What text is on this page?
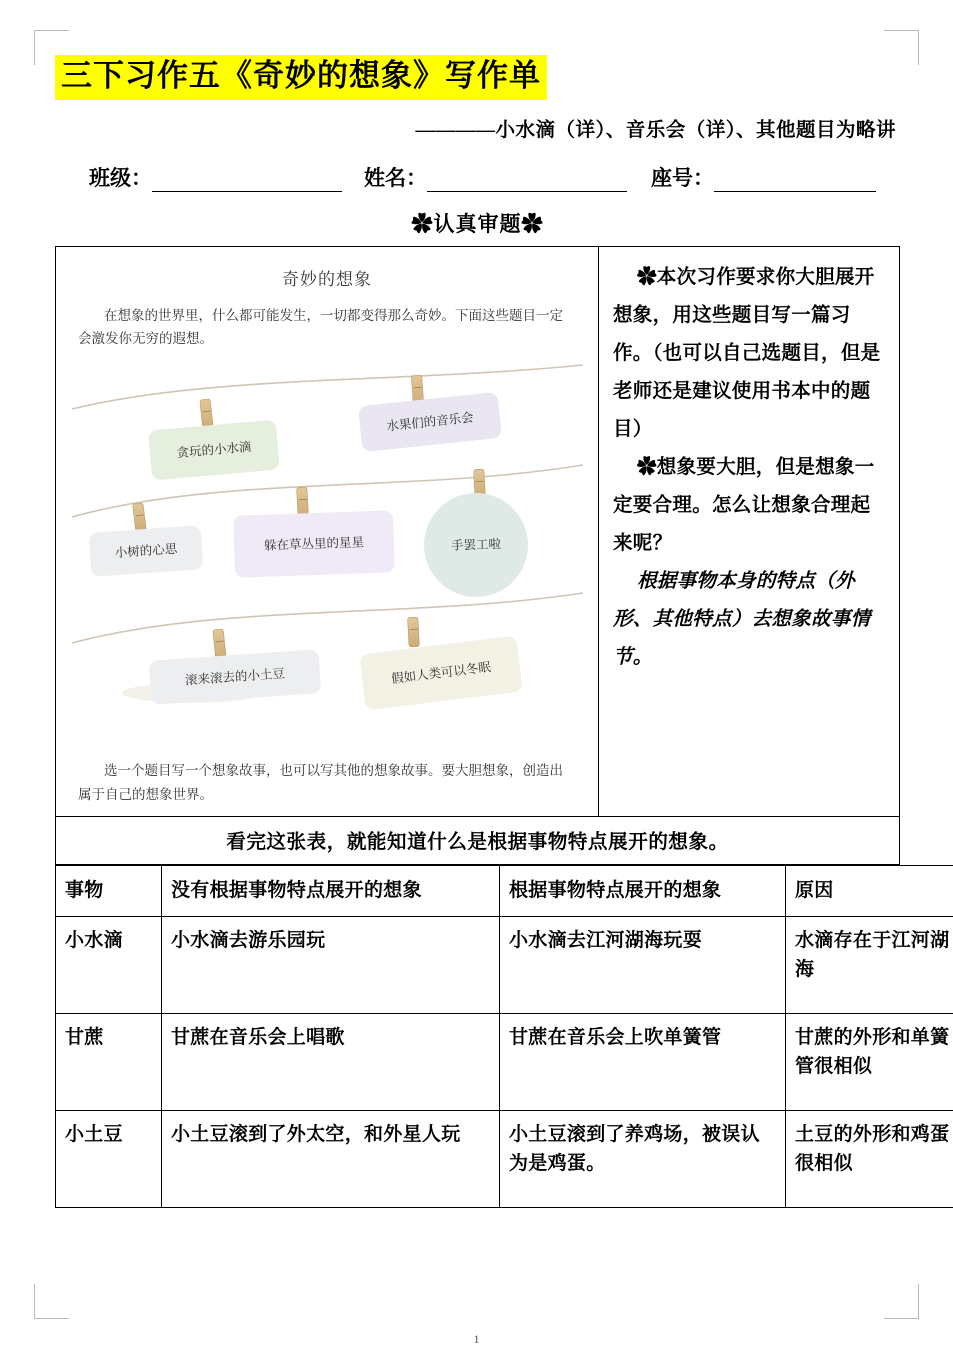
三下习作五《奇妙的想象》写作单
————小水滴（详）、音乐会（详）、其他题目为略讲
班级：	姓名：	座号：
✿认真审题✿
奇妙的想象
在想象的世界里，什么都可能发生，一切都变得那么奇妙。下面这些题目一定会激发你无穷的遐想。
贪玩的小水滴
水果们的音乐会
小树的心思	躲在草丛里的星星	手罢工啦
滚来滚去的小土豆	假如人类可以冬眠
选一个题目写一个想象故事，也可以写其他的想象故事。要大胆想象，创造出属于自己的想象世界。

✿本次习作要求你大胆展开想象，用这些题目写一篇习作。（也可以自己选题目，但是老师还是建议使用书本中的题目）

✿想象要大胆，但是想象一定要合理。怎么让想象合理起来呢？

根据事物本身的特点（外形、其他特点）去想象故事情节。

看完这张表，就能知道什么是根据事物特点展开的想象。
事物	没有根据事物特点展开的想象	根据事物特点展开的想象	原因
小水滴	小水滴去游乐园玩	小水滴去江河湖海玩耍	水滴存在于江河湖海
甘蔗	甘蔗在音乐会上唱歌	甘蔗在音乐会上吹单簧管	甘蔗的外形和单簧管很相似
小土豆	小土豆滚到了外太空，和外星人玩	小土豆滚到了养鸡场，被误认为是鸡蛋。	土豆的外形和鸡蛋很相似
1
